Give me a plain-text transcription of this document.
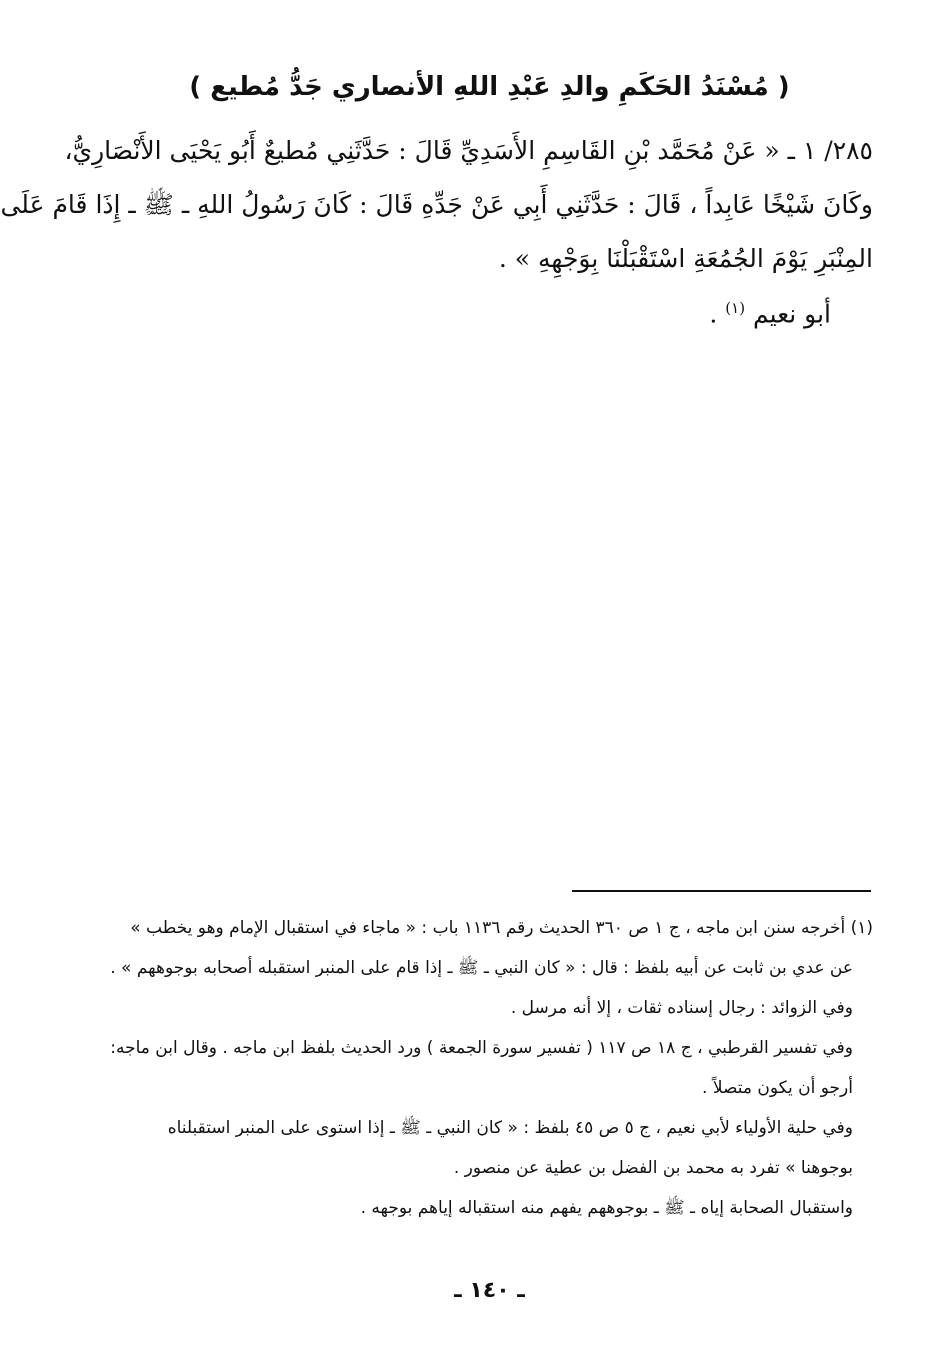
( مُسْنَدُ الحَكَمِ والدِ عَبْدِ اللهِ الأنصاري جَدُّ مُطيع )
٢٨٥/ ١ ـ « عَنْ مُحَمَّد بْنِ القَاسِمِ الأَسَدِيِّ قَالَ : حَدَّثَنِي مُطيعٌ أَبُو يَحْيَى الأَنْصَارِيُّ،
وكَانَ شَيْخًا عَابِداً ، قَالَ : حَدَّثَنِي أَبِي عَنْ جَدِّهِ قَالَ : كَانَ رَسُولُ اللهِ ـ ﷺ ـ إِذَا قَامَ عَلَى
المِنْبَرِ يَوْمَ الجُمُعَةِ اسْتَقْبَلْنَا بِوَجْهِهِ » .
أبو نعيم $^{(١)}$ .
(١) أخرجه سنن ابن ماجه ، ج ١ ص ٣٦٠ الحديث رقم ١١٣٦ باب : « ماجاء في استقبال الإمام وهو يخطب »
عن عدي بن ثابت عن أبيه بلفظ : قال : « كان النبي ـ ﷺ ـ إذا قام على المنبر استقبله أصحابه بوجوههم » .
وفي الزوائد : رجال إسناده ثقات ، إلا أنه مرسل .
وفي تفسير القرطبي ، ج ١٨ ص ١١٧ ( تفسير سورة الجمعة ) ورد الحديث بلفظ ابن ماجه . وقال ابن ماجه:
أرجو أن يكون متصلاً .
وفي حلية الأولياء لأبي نعيم ، ج ٥ ص ٤٥ بلفظ : « كان النبي ـ ﷺ ـ إذا استوى على المنبر استقبلناه
بوجوهنا » تفرد به محمد بن الفضل بن عطية عن منصور .
واستقبال الصحابة إياه ـ ﷺ ـ بوجوههم يفهم منه استقباله إياهم بوجهه .
ـ ١٤٠ ـ
